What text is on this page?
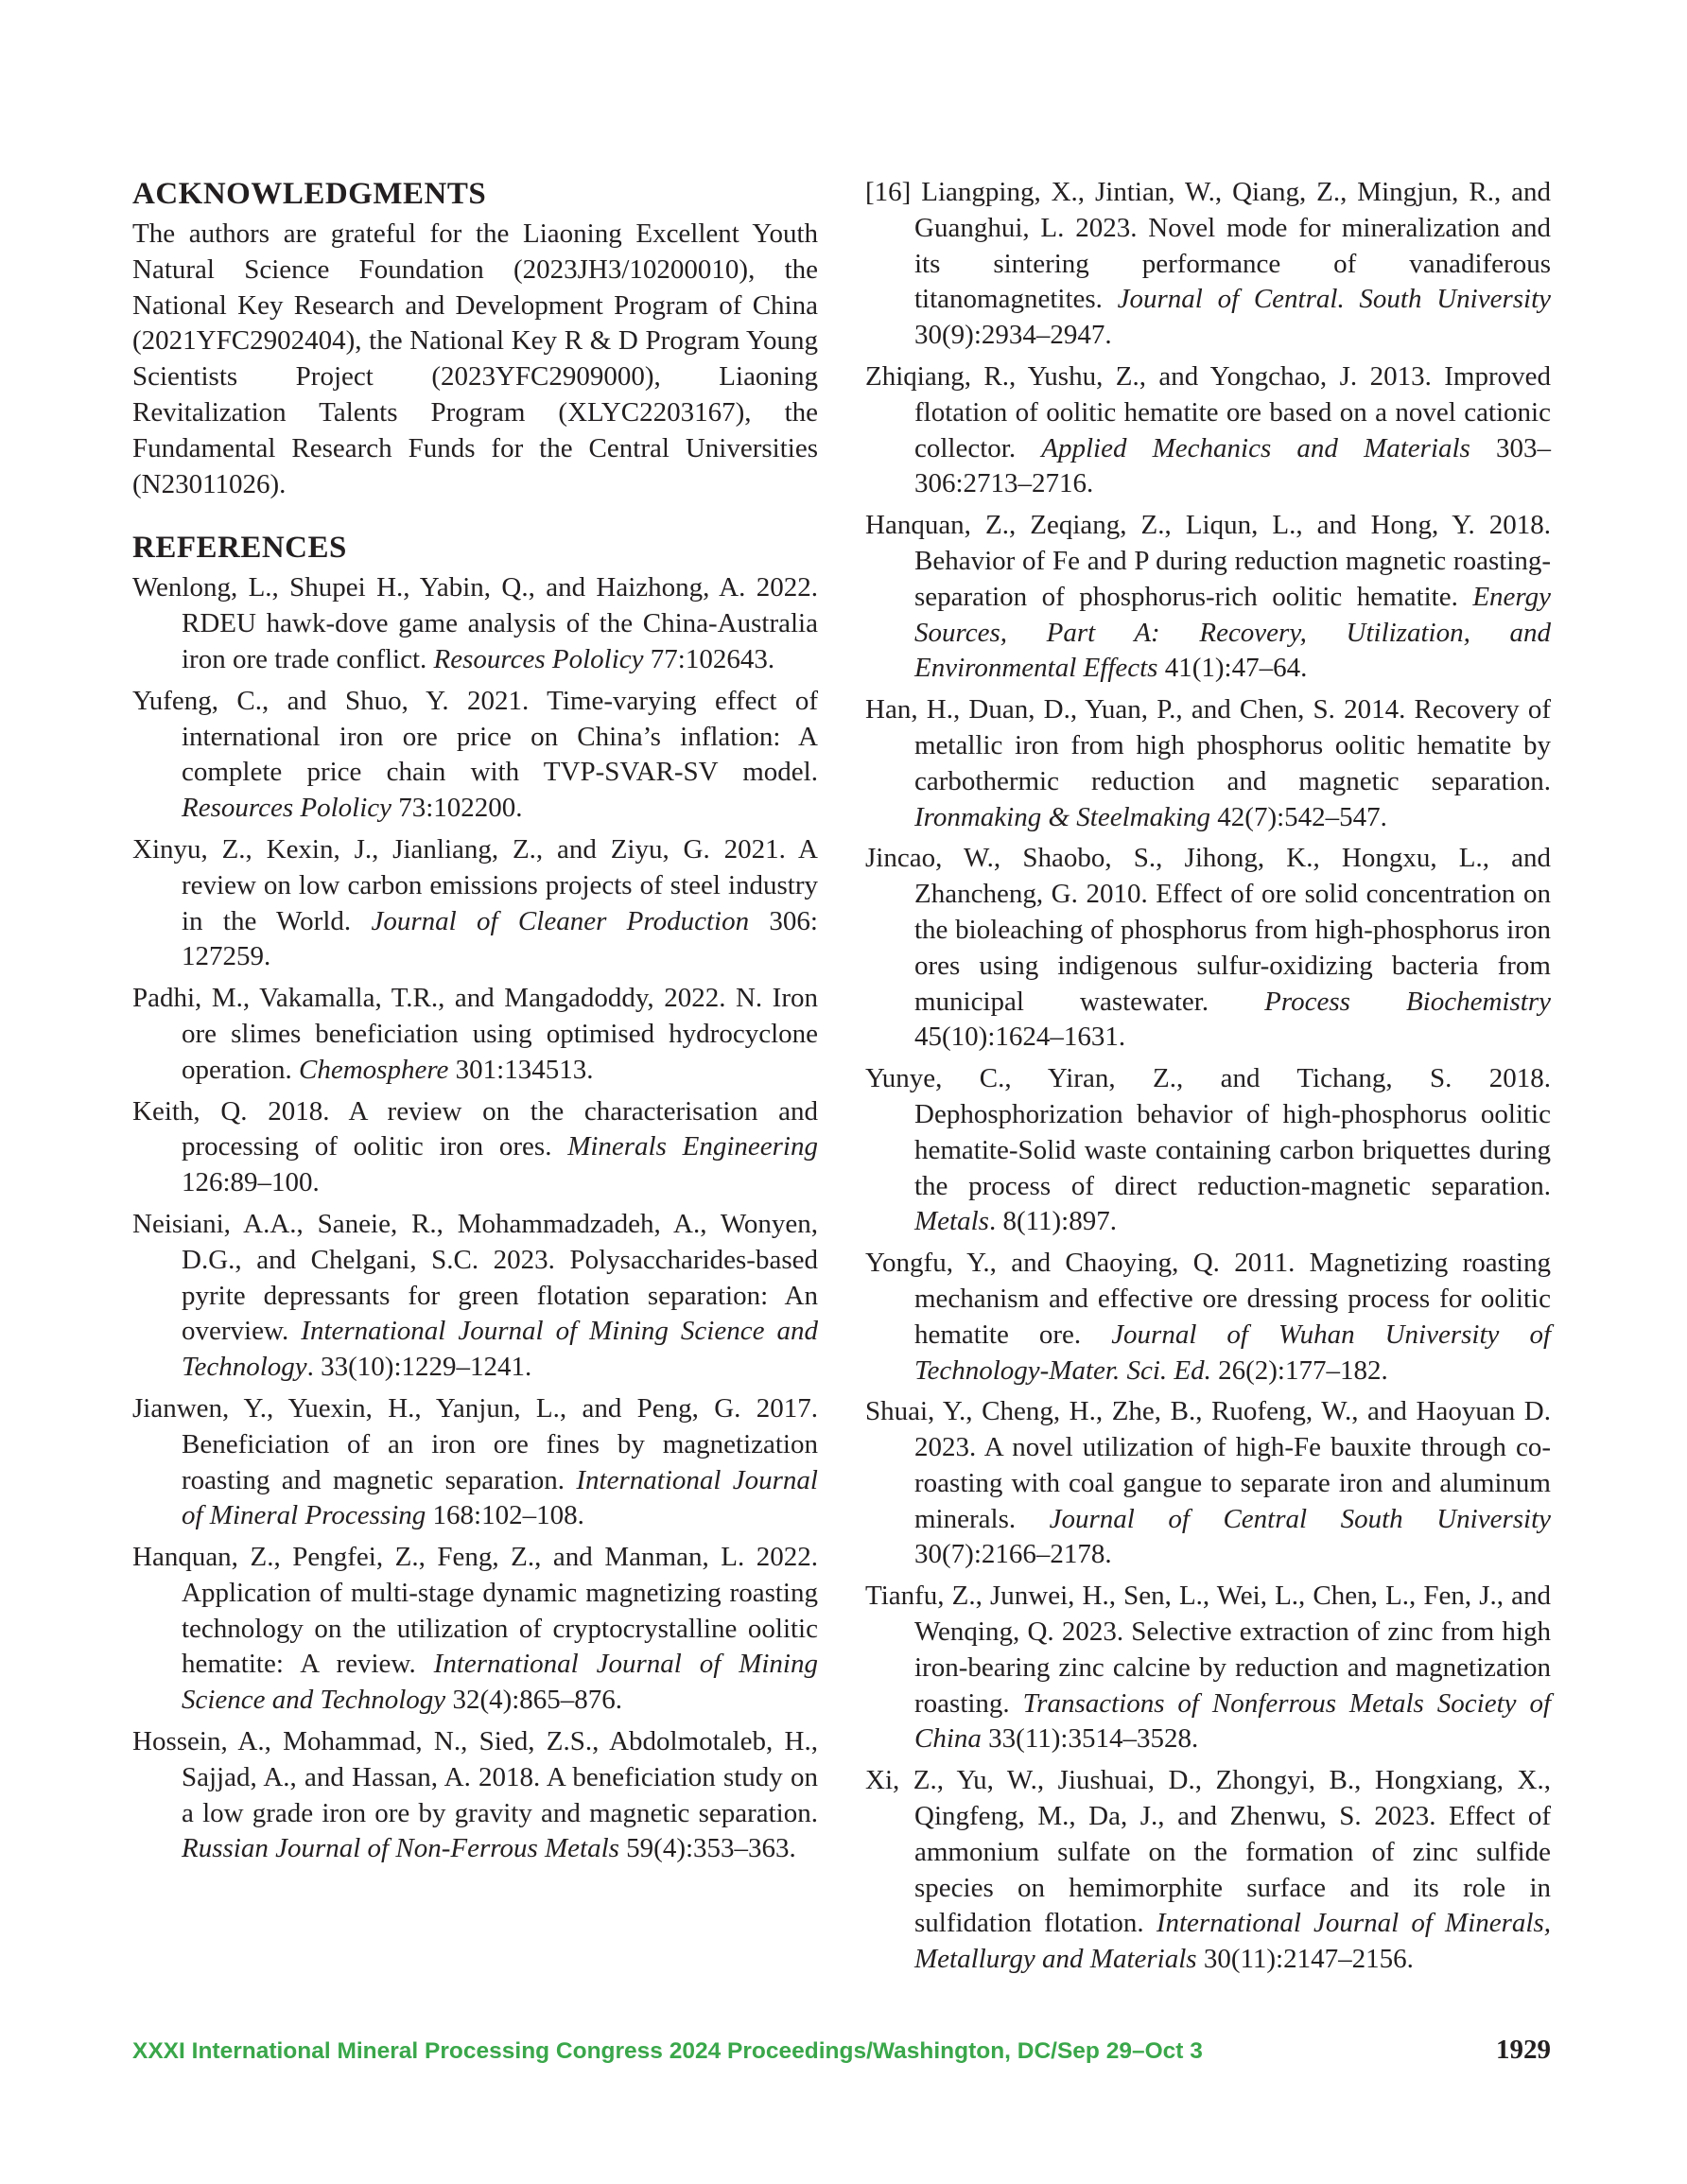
ACKNOWLEDGMENTS

The authors are grateful for the Liaoning Excellent Youth Natural Science Foundation (2023JH3/10200010), the National Key Research and Development Program of China (2021YFC2902404), the National Key R & D Program Young Scientists Project (2023YFC2909000), Liaoning Revitalization Talents Program (XLYC2203167), the Fundamental Research Funds for the Central Universities (N23011026).

REFERENCES
Wenlong, L., Shupei H., Yabin, Q., and Haizhong, A. 2022. RDEU hawk-dove game analysis of the China-Australia iron ore trade conflict. Resources Pololicy 77:102643.
Yufeng, C., and Shuo, Y. 2021. Time-varying effect of international iron ore price on China’s inflation: A complete price chain with TVP-SVAR-SV model. Resources Pololicy 73:102200.
Xinyu, Z., Kexin, J., Jianliang, Z., and Ziyu, G. 2021. A review on low carbon emissions projects of steel industry in the World. Journal of Cleaner Production 306: 127259.
Padhi, M., Vakamalla, T.R., and Mangadoddy, 2022. N. Iron ore slimes beneficiation using optimised hydrocyclone operation. Chemosphere 301:134513.
Keith, Q. 2018. A review on the characterisation and processing of oolitic iron ores. Minerals Engineering 126:89–100.
Neisiani, A.A., Saneie, R., Mohammadzadeh, A., Wonyen, D.G., and Chelgani, S.C. 2023. Polysaccharides-based pyrite depressants for green flotation separation: An overview. International Journal of Mining Science and Technology. 33(10):1229–1241.
Jianwen, Y., Yuexin, H., Yanjun, L., and Peng, G. 2017. Beneficiation of an iron ore fines by magnetization roasting and magnetic separation. International Journal of Mineral Processing 168:102–108.
Hanquan, Z., Pengfei, Z., Feng, Z., and Manman, L. 2022. Application of multi-stage dynamic magnetizing roasting technology on the utilization of cryptocrystalline oolitic hematite: A review. International Journal of Mining Science and Technology 32(4):865–876.
Hossein, A., Mohammad, N., Sied, Z.S., Abdolmotaleb, H., Sajjad, A., and Hassan, A. 2018. A beneficiation study on a low grade iron ore by gravity and magnetic separation. Russian Journal of Non-Ferrous Metals 59(4):353–363.
[16] Liangping, X., Jintian, W., Qiang, Z., Mingjun, R., and Guanghui, L. 2023. Novel mode for mineralization and its sintering performance of vanadiferous titanomagnetites. Journal of Central. South University 30(9):2934–2947.
Zhiqiang, R., Yushu, Z., and Yongchao, J. 2013. Improved flotation of oolitic hematite ore based on a novel cationic collector. Applied Mechanics and Materials 303–306:2713–2716.
Hanquan, Z., Zeqiang, Z., Liqun, L., and Hong, Y. 2018. Behavior of Fe and P during reduction magnetic roasting-separation of phosphorus-rich oolitic hematite. Energy Sources, Part A: Recovery, Utilization, and Environmental Effects 41(1):47–64.
Han, H., Duan, D., Yuan, P., and Chen, S. 2014. Recovery of metallic iron from high phosphorus oolitic hematite by carbothermic reduction and magnetic separation. Ironmaking & Steelmaking 42(7):542–547.
Jincao, W., Shaobo, S., Jihong, K., Hongxu, L., and Zhancheng, G. 2010. Effect of ore solid concentration on the bioleaching of phosphorus from high-phosphorus iron ores using indigenous sulfur-oxidizing bacteria from municipal wastewater. Process Biochemistry 45(10):1624–1631.
Yunye, C., Yiran, Z., and Tichang, S. 2018. Dephosphorization behavior of high-phosphorus oolitic hematite-Solid waste containing carbon briquettes during the process of direct reduction-magnetic separation. Metals. 8(11):897.
Yongfu, Y., and Chaoying, Q. 2011. Magnetizing roasting mechanism and effective ore dressing process for oolitic hematite ore. Journal of Wuhan University of Technology-Mater. Sci. Ed. 26(2):177–182.
Shuai, Y., Cheng, H., Zhe, B., Ruofeng, W., and Haoyuan D. 2023. A novel utilization of high-Fe bauxite through co-roasting with coal gangue to separate iron and aluminum minerals. Journal of Central South University 30(7):2166–2178.
Tianfu, Z., Junwei, H., Sen, L., Wei, L., Chen, L., Fen, J., and Wenqing, Q. 2023. Selective extraction of zinc from high iron-bearing zinc calcine by reduction and magnetization roasting. Transactions of Nonferrous Metals Society of China 33(11):3514–3528.
Xi, Z., Yu, W., Jiushuai, D., Zhongyi, B., Hongxiang, X., Qingfeng, M., Da, J., and Zhenwu, S. 2023. Effect of ammonium sulfate on the formation of zinc sulfide species on hemimorphite surface and its role in sulfidation flotation. International Journal of Minerals, Metallurgy and Materials 30(11):2147–2156.
XXXI International Mineral Processing Congress 2024 Proceedings/Washington, DC/Sep 29–Oct 3	1929
